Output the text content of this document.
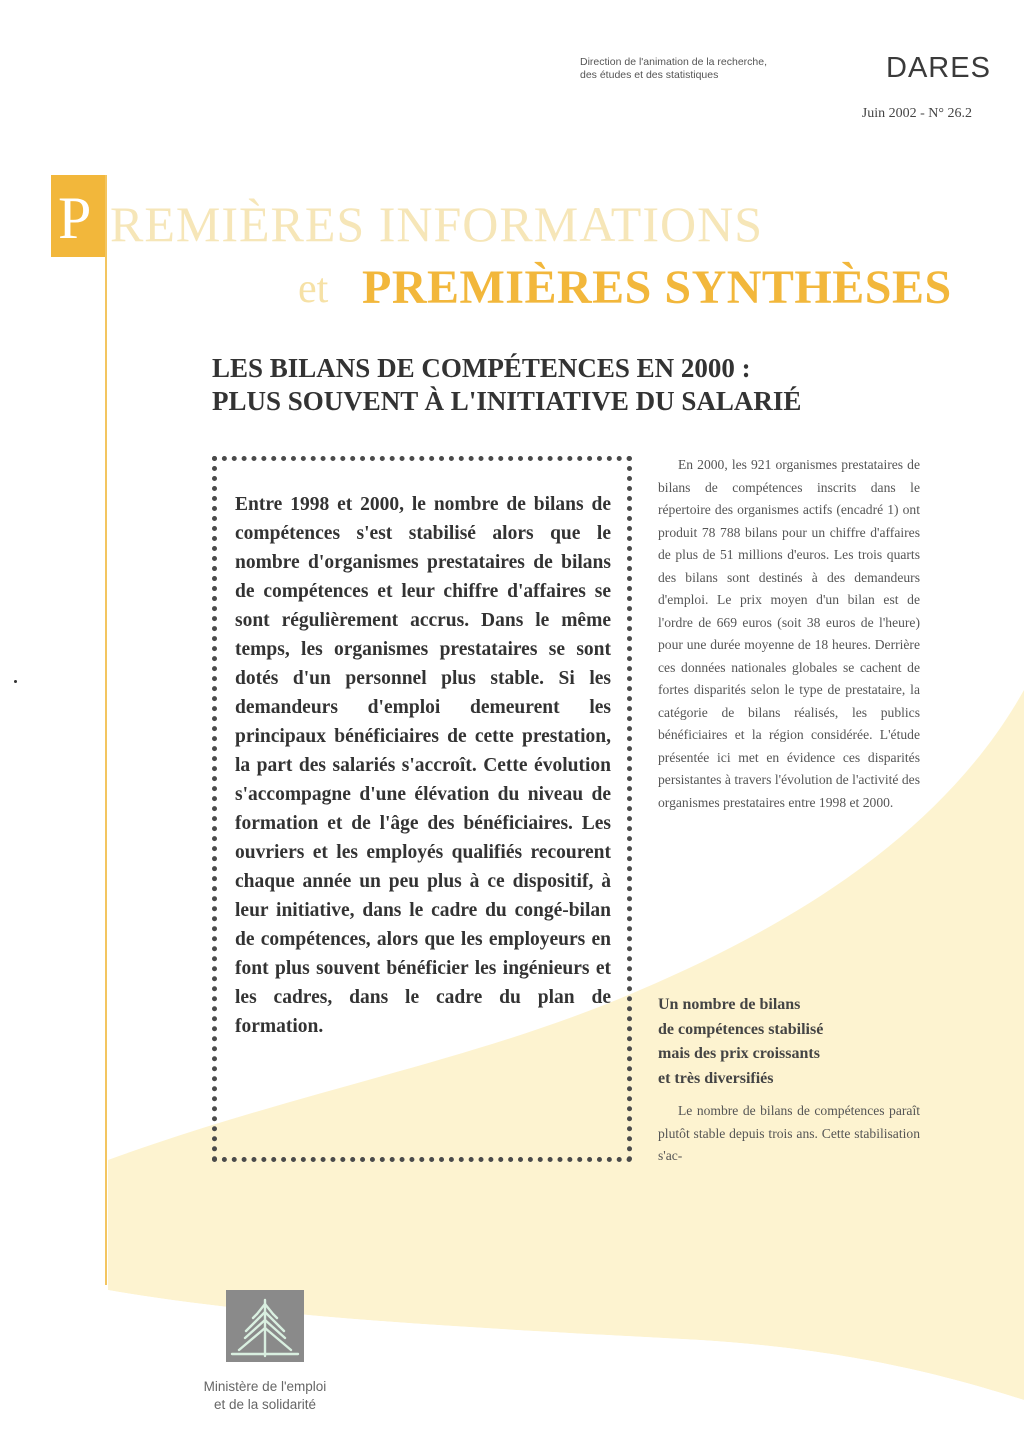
Direction de l'animation de la recherche,
des études et des statistiques	DARES
Juin 2002 - N° 26.2
P REMIÈRES INFORMATIONS
et PREMIÈRES SYNTHÈSES
LES BILANS DE COMPÉTENCES EN 2000 :
PLUS SOUVENT À L'INITIATIVE DU SALARIÉ
Entre 1998 et 2000, le nombre de bilans de compétences s'est stabilisé alors que le nombre d'organismes prestataires de bilans de compétences et leur chiffre d'affaires se sont régulièrement accrus. Dans le même temps, les organismes prestataires se sont dotés d'un personnel plus stable. Si les demandeurs d'emploi demeurent les principaux bénéficiaires de cette prestation, la part des salariés s'accroît. Cette évolution s'accompagne d'une élévation du niveau de formation et de l'âge des bénéficiaires. Les ouvriers et les employés qualifiés recourent chaque année un peu plus à ce dispositif, à leur initiative, dans le cadre du congé-bilan de compétences, alors que les employeurs en font plus souvent bénéficier les ingénieurs et les cadres, dans le cadre du plan de formation.
En 2000, les 921 organismes prestataires de bilans de compétences inscrits dans le répertoire des organismes actifs (encadré 1) ont produit 78 788 bilans pour un chiffre d'affaires de plus de 51 millions d'euros. Les trois quarts des bilans sont destinés à des demandeurs d'emploi. Le prix moyen d'un bilan est de l'ordre de 669 euros (soit 38 euros de l'heure) pour une durée moyenne de 18 heures. Derrière ces données nationales globales se cachent de fortes disparités selon le type de prestataire, la catégorie de bilans réalisés, les publics bénéficiaires et la région considérée. L'étude présentée ici met en évidence ces disparités persistantes à travers l'évolution de l'activité des organismes prestataires entre 1998 et 2000.
Un nombre de bilans
de compétences stabilisé
mais des prix croissants
et très diversifiés
Le nombre de bilans de compétences paraît plutôt stable depuis trois ans. Cette stabilisation s'ac-
Ministère de l'emploi
et de la solidarité
